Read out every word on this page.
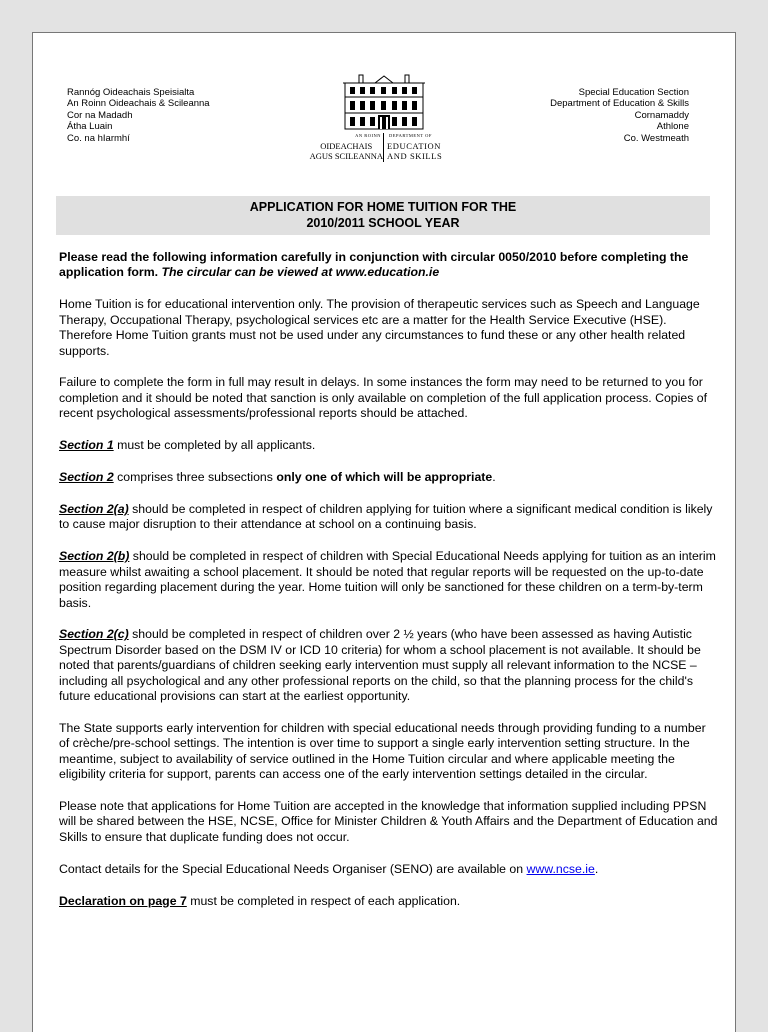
Rannóg Oideachais Speisialta
An Roinn Oideachais & Scileanna
Cor na Madadh
Átha Luain
Co. na hIarmhí	AN ROINN DEPARTMENT OF
OIDEACHAIS
AGUS SCILEANNA
EDUCATION
AND SKILLS
Special Education Section
Department of Education & Skills
Cornamaddy
Athlone
Co. Westmeath
APPLICATION FOR HOME TUITION FOR THE
2010/2011 SCHOOL YEAR

Please read the following information carefully in conjunction with circular 0050/2010 before completing the application form. The circular can be viewed at www.education.ie

Home Tuition is for educational intervention only. The provision of therapeutic services such as Speech and Language Therapy, Occupational Therapy, psychological services etc are a matter for the Health Service Executive (HSE). Therefore Home Tuition grants must not be used under any circumstances to fund these or any other health related supports.

Failure to complete the form in full may result in delays. In some instances the form may need to be returned to you for completion and it should be noted that sanction is only available on completion of the full application process. Copies of recent psychological assessments/professional reports should be attached.

Section 1 must be completed by all applicants.

Section 2 comprises three subsections only one of which will be appropriate.

Section 2(a) should be completed in respect of children applying for tuition where a significant medical condition is likely to cause major disruption to their attendance at school on a continuing basis.

Section 2(b) should be completed in respect of children with Special Educational Needs applying for tuition as an interim measure whilst awaiting a school placement. It should be noted that regular reports will be requested on the up-to-date position regarding placement during the year. Home tuition will only be sanctioned for these children on a term-by-term basis.

Section 2(c) should be completed in respect of children over 2 ½ years (who have been assessed as having Autistic Spectrum Disorder based on the DSM IV or ICD 10 criteria) for whom a school placement is not available. It should be noted that parents/guardians of children seeking early intervention must supply all relevant information to the NCSE – including all psychological and any other professional reports on the child, so that the planning process for the child's future educational provisions can start at the earliest opportunity.

The State supports early intervention for children with special educational needs through providing funding to a number of crèche/pre-school settings. The intention is over time to support a single early intervention setting structure. In the meantime, subject to availability of service outlined in the Home Tuition circular and where applicable meeting the eligibility criteria for support, parents can access one of the early intervention settings detailed in the circular.

Please note that applications for Home Tuition are accepted in the knowledge that information supplied including PPSN will be shared between the HSE, NCSE, Office for Minister Children & Youth Affairs and the Department of Education and Skills to ensure that duplicate funding does not occur.

Contact details for the Special Educational Needs Organiser (SENO) are available on www.ncse.ie.

Declaration on page 7 must be completed in respect of each application.
